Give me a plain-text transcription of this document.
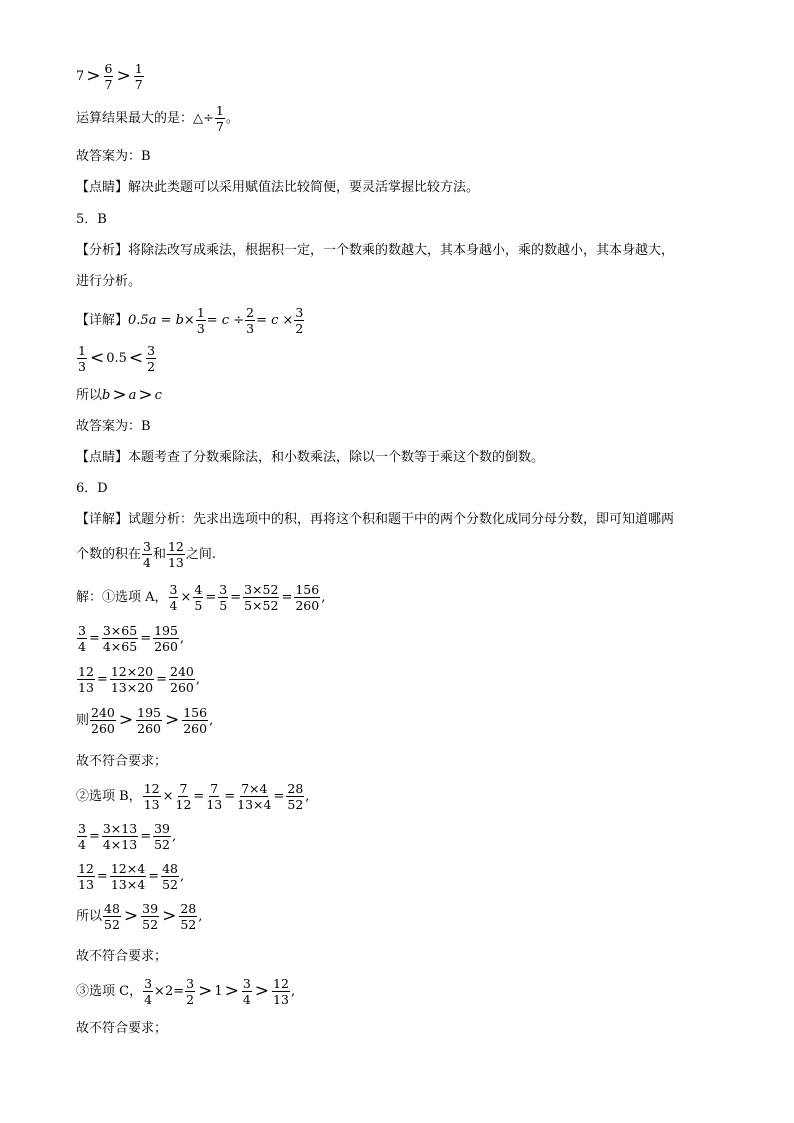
$7 > \frac{6}{7} > \frac{1}{7}$
运算结果最大的是： △÷ $\frac{1}{7}$ 。
故答案为：B
【点睛】解决此类题可以采用赋值法比较简便，要灵活掌握比较方法。
5．B
【分析】将除法改写成乘法，根据积一定，一个数乘的数越大，其本身越小，乘的数越小，其本身越大，
进行分析。
【详解】 $0.5a = b\times \frac{1}{3} = c \div \frac{2}{3} = c \times \frac{3}{2}$
$\frac{1}{3} < 0.5 < \frac{3}{2}$
所以 b > a > c
故答案为：B
【点睛】本题考查了分数乘除法，和小数乘法，除以一个数等于乘这个数的倒数。
6．D
【详解】试题分析：先求出选项中的积，再将这个积和题干中的两个分数化成同分母分数，即可知道哪两
个数的积在 $\frac{3}{4}$ 和 $\frac{12}{13}$ 之间.
解：①选项 A， $\frac{3}{4} \times \frac{4}{5} = \frac{3}{5} = \frac{3\times 52}{5\times 52} = \frac{156}{260}$ ,
$\frac{3}{4} = \frac{3\times 65}{4\times 65} = \frac{195}{260}$ ,
$\frac{12}{13} = \frac{12\times 20}{13\times 20} = \frac{240}{260}$ ,
则 $\frac{240}{260} > \frac{195}{260} > \frac{156}{260}$ ,
故不符合要求；
②选项 B， $\frac{12}{13} \times \frac{7}{12} = \frac{7}{13} = \frac{7\times 4}{13\times 4} = \frac{28}{52}$ ,
$\frac{3}{4} = \frac{3\times 13}{4\times 13} = \frac{39}{52}$ ,
$\frac{12}{13} = \frac{12\times 4}{13\times 4} = \frac{48}{52}$ ,
所以 $\frac{48}{52} > \frac{39}{52} > \frac{28}{52}$ ,
故不符合要求；
③选项 C， $\frac{3}{4} \times 2= \frac{3}{2} > 1 > \frac{3}{4} > \frac{12}{13}$ ,
故不符合要求；
